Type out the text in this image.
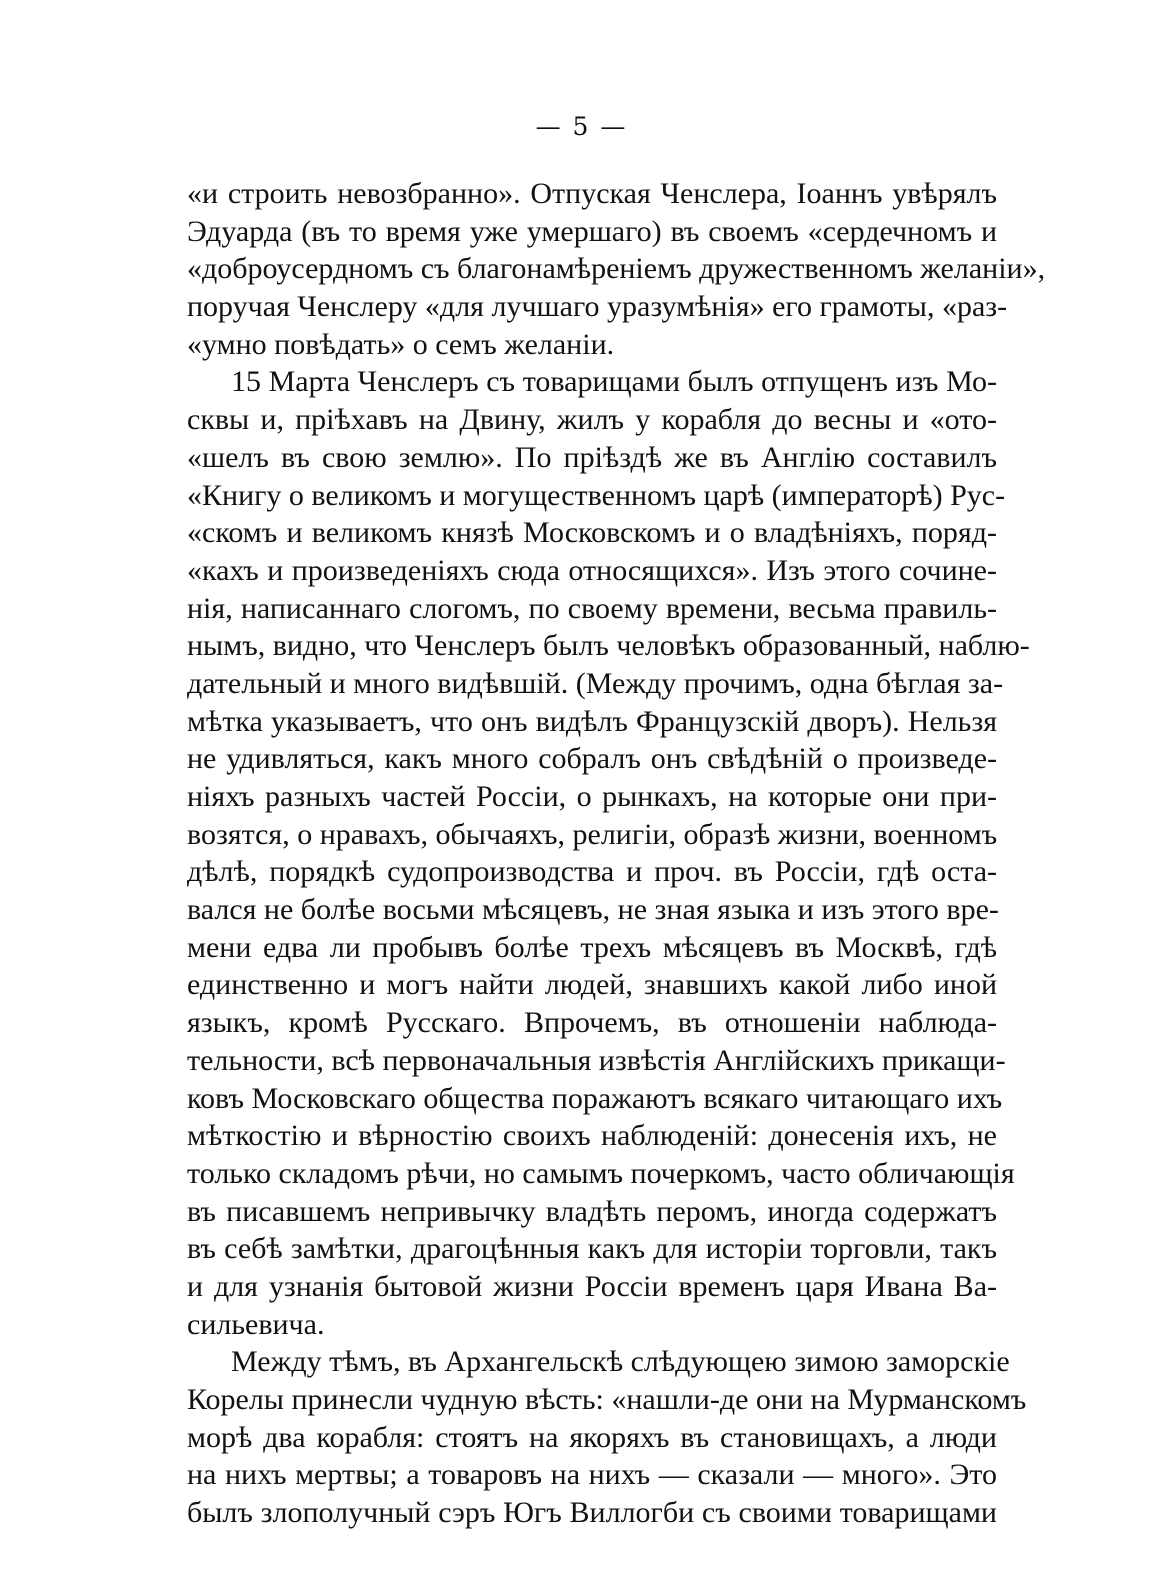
— 5 —
«и строить невозбранно». Отпуская Ченслера, Іоаннъ увѣрялъ
Эдуарда (въ то время уже умершаго) въ своемъ «сердечномъ и
«доброусердномъ съ благонамѣреніемъ дружественномъ желаніи»,
поручая Ченслеру «для лучшаго уразумѣнія» его грамоты, «раз-
«умно повѣдать» о семъ желаніи.
15 Марта Ченслеръ съ товарищами былъ отпущенъ изъ Мо-
сквы и, пріѣхавъ на Двину, жилъ у корабля до весны и «ото-
«шелъ въ свою землю». По пріѣздѣ же въ Англію составилъ
«Книгу о великомъ и могущественномъ царѣ (императорѣ) Рус-
«скомъ и великомъ князѣ Московскомъ и о владѣніяхъ, поряд-
«кахъ и произведеніяхъ сюда относящихся». Изъ этого сочине-
нія, написаннаго слогомъ, по своему времени, весьма правиль-
нымъ, видно, что Ченслеръ былъ человѣкъ образованный, наблю-
дательный и много видѣвшій. (Между прочимъ, одна бѣглая за-
мѣтка указываетъ, что онъ видѣлъ Французскій дворъ). Нельзя
не удивляться, какъ много собралъ онъ свѣдѣній о произведе-
ніяхъ разныхъ частей Россіи, о рынкахъ, на которые они при-
возятся, о нравахъ, обычаяхъ, религіи, образѣ жизни, военномъ
дѣлѣ, порядкѣ судопроизводства и проч. въ Россіи, гдѣ оста-
вался не болѣе восьми мѣсяцевъ, не зная языка и изъ этого вре-
мени едва ли пробывъ болѣе трехъ мѣсяцевъ въ Москвѣ, гдѣ
единственно и могъ найти людей, знавшихъ какой либо иной
языкъ, кромѣ Русскаго. Впрочемъ, въ отношеніи наблюда-
тельности, всѣ первоначальныя извѣстія Англійскихъ прикащи-
ковъ Московскаго общества поражаютъ всякаго читающаго ихъ
мѣткостію и вѣрностію своихъ наблюденій: донесенія ихъ, не
только складомъ рѣчи, но самымъ почеркомъ, часто обличающія
въ писавшемъ непривычку владѣть перомъ, иногда содержатъ
въ себѣ замѣтки, драгоцѣнныя какъ для исторіи торговли, такъ
и для узнанія бытовой жизни Россіи временъ царя Ивана Ва-
сильевича.
Между тѣмъ, въ Архангельскѣ слѣдующею зимою заморскіе
Корелы принесли чудную вѣсть: «нашли-де они на Мурманскомъ
морѣ два корабля: стоятъ на якоряхъ въ становищахъ, а люди
на нихъ мертвы; а товаровъ на нихъ — сказали — много». Это
былъ злополучный сэръ Югъ Виллогби съ своими товарищами
